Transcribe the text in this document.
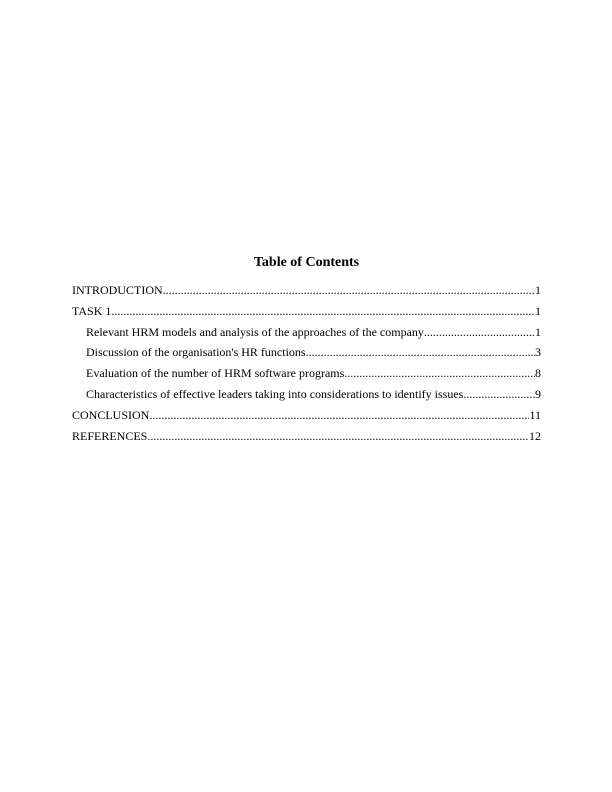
Table of Contents
INTRODUCTION .....	1
TASK 1 .....	1
Relevant HRM models and analysis of the approaches of the company .....	1
Discussion of the organisation's HR functions .....	3
Evaluation of the number of HRM software programs .....	8
Characteristics of effective leaders taking into considerations to identify issues .....	9
CONCLUSION .....	11
REFERENCES .....	12
